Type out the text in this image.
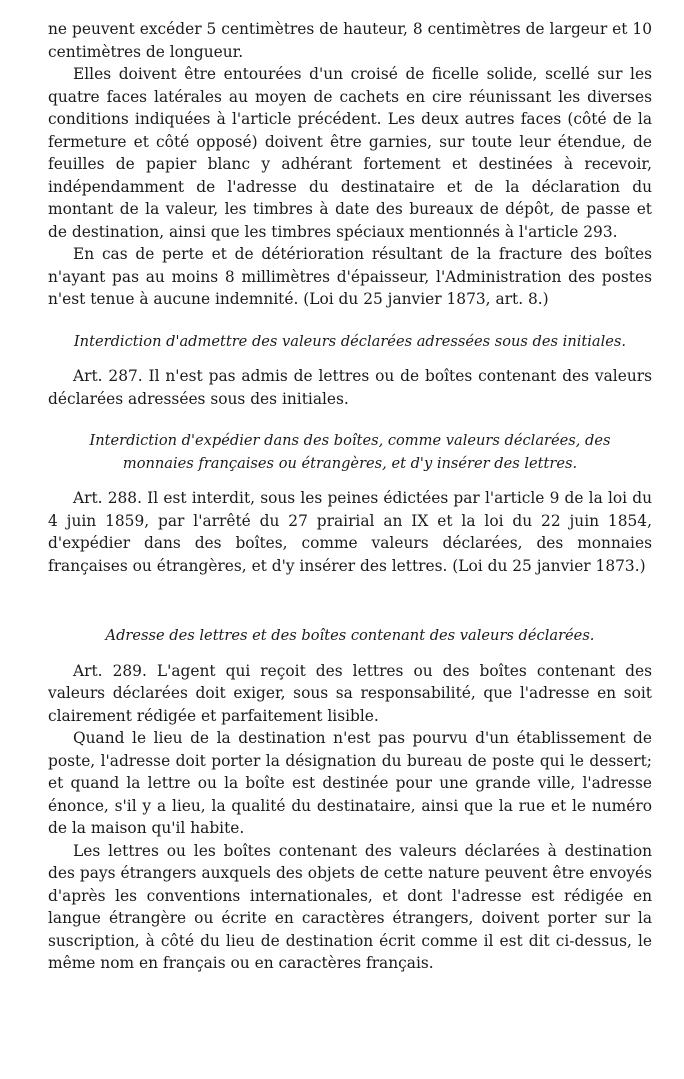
ne peuvent excéder 5 centimètres de hauteur, 8 centimètres de largeur et 10 centimètres de longueur.

Elles doivent être entourées d'un croisé de ficelle solide, scellé sur les quatre faces latérales au moyen de cachets en cire réunissant les diverses conditions indiquées à l'article précédent. Les deux autres faces (côté de la fermeture et côté opposé) doivent être garnies, sur toute leur étendue, de feuilles de papier blanc y adhérant fortement et destinées à recevoir, indépendamment de l'adresse du destinataire et de la déclaration du montant de la valeur, les timbres à date des bureaux de dépôt, de passe et de destination, ainsi que les timbres spéciaux mentionnés à l'article 293.

En cas de perte et de détérioration résultant de la fracture des boîtes n'ayant pas au moins 8 millimètres d'épaisseur, l'Administration des postes n'est tenue à aucune indemnité. (Loi du 25 janvier 1873, art. 8.)

Interdiction d'admettre des valeurs déclarées adressées sous des initiales.

Art. 287. Il n'est pas admis de lettres ou de boîtes contenant des valeurs déclarées adressées sous des initiales.

Interdiction d'expédier dans des boîtes, comme valeurs déclarées, des monnaies françaises ou étrangères, et d'y insérer des lettres.

Art. 288. Il est interdit, sous les peines édictées par l'article 9 de la loi du 4 juin 1859, par l'arrêté du 27 prairial an IX et la loi du 22 juin 1854, d'expédier dans des boîtes, comme valeurs déclarées, des monnaies françaises ou étrangères, et d'y insérer des lettres. (Loi du 25 janvier 1873.)

Adresse des lettres et des boîtes contenant des valeurs déclarées.

Art. 289. L'agent qui reçoit des lettres ou des boîtes contenant des valeurs déclarées doit exiger, sous sa responsabilité, que l'adresse en soit clairement rédigée et parfaitement lisible.

Quand le lieu de la destination n'est pas pourvu d'un établissement de poste, l'adresse doit porter la désignation du bureau de poste qui le dessert; et quand la lettre ou la boîte est destinée pour une grande ville, l'adresse énonce, s'il y a lieu, la qualité du destinataire, ainsi que la rue et le numéro de la maison qu'il habite.

Les lettres ou les boîtes contenant des valeurs déclarées à destination des pays étrangers auxquels des objets de cette nature peuvent être envoyés d'après les conventions internationales, et dont l'adresse est rédigée en langue étrangère ou écrite en caractères étrangers, doivent porter sur la suscription, à côté du lieu de destination écrit comme il est dit ci-dessus, le même nom en français ou en caractères français.
